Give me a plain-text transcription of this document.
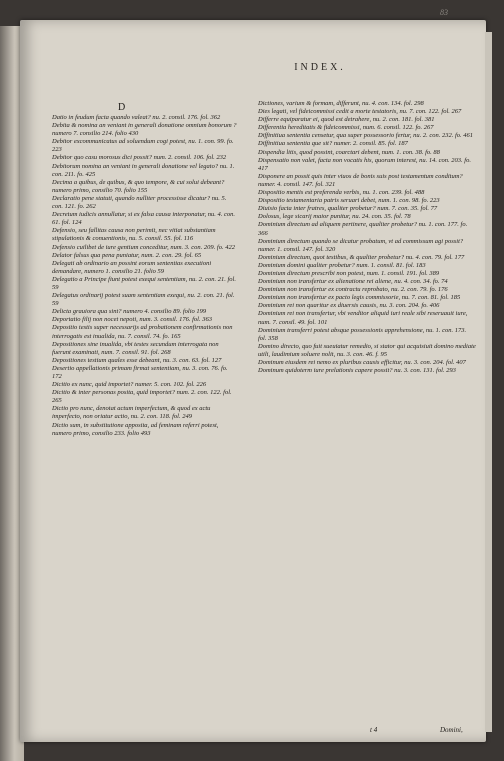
83
INDEX.
D

Datio in feudum facta quando valeat? nu. 2. consil. 176. fol. 362

Debita & nomina an veniant in generali donatione omnium bonorum ? numero 7. consilio 214. folio 430

Debitor excommunicatus ad soluendum cogi potest, nu. 1. con. 99. fo. 223

Debitor quo casu morosus dici possit? num. 2. consil. 106. fol. 232

Debitorum nomina an veniant in generali donatione vel legato? nu. 1. con. 211. fo. 425

Decima a quibus, de quibus, & quo tempore, & cui solui debeant? numero primo, consilio 70. folio 155

Declaratio pene statuti, quando nulliter processisse dicatur? nu. 5. con. 121. fo. 262

Decretum iudicis annullatur, si ex falsa causa interponatur, nu. 4. con. 61. fol. 124

Defensio, seu fallitas causa non perimit, nec vitiat substantiam stipulationis & conuentionis, nu. 5. consil. 55. fol. 116

Defensio cuilibet de iure gentium conceditur, num. 3. con. 209. fo. 422

Delator falsus qua pena puniatur, num. 2. con. 29. fol. 65

Delegati ab ordinario an possint eorum sententias executioni demandare, numero 1. consilio 21. folio 59

Delegatio a Principe fiunt potest exequi sententiam, nu. 2. con. 21. fol. 59

Delegatus ordinarij potest suam sententiam exequi, nu. 2. con. 21. fol. 59

Delicta grauiora qua sint? numero 4. consilio 89. folio 199

Deportatio filij non nocet nepoti, num. 3. consil. 176. fol. 363

Depositio testis super necessarijs ad probationem confirmationis non interrogatis est inualida, nu. 7. consil. 74. fo. 165

Depositiones sine inualida, vbi testes secundum interrogata non fuerunt examinati, num. 7. consil. 91. fol. 268

Depositiones testium quales esse debeant, nu. 3. con. 63. fol. 127

Desertio appellationis primam firmat sententiam, nu. 3. con. 76. fo. 172

Dicitio ex nunc, quid importet? numer. 5. con. 102. fol. 226

Dicitio & inter personas posita, quid importet? num. 2. con. 122. fol. 265

Dictio pro nunc, denotat actum imperfectum, & quod ex actu imperfecto, non oriatur actio, nu. 2. con. 118. fol. 249

Dictio sum, in substitutione apposita, ad feminam referri potest, numero primo, consilio 233. folio 493

Dictiones, varium & formam, differunt, nu. 4. con. 134. fol. 298

Dies legati, vel fideicommissi cedit a morte testatoris, nu. 7. con. 122. fol. 267

Differre equiparatur ei, quod est detrahere, nu. 2. con. 181. fol. 381

Differentia hereditatis & fideicommissi, num. 6. consil. 122. fo. 267

Diffinitiua sententia censetur, qua super possessorio fertur, nu. 2. con. 232. fo. 461

Diffinitiua sententia que sit? numer. 2. consil. 85. fol. 187

Dispendia litis, quod possint, coarctari debent, num. 1. con. 38. fo. 88

Dispensatio non valet, facta non vocatis his, quorum interest, nu. 14. con. 203. fo. 417

Disponere an possit quis inter viuos de bonis suis post testamentum conditum? numer. 4. consil. 147. fol. 321

Dispositio mentis est preferenda verbis, nu. 1. con. 239. fol. 488

Dispositio testamentaria patris seruari debet, num. 1. con. 98. fo. 223

Diuisio facta inter fratres, qualiter probetur? num. 7. con. 35. fol. 77

Dolosus, lege sicarij maior punitur, nu. 24. con. 35. fol. 78

Dominium directum ad aliquem pertinere, qualiter probetur? nu. 1. con. 177. fo. 366

Dominium directum quando se dicatur probatum, vt ad commissum agi possit? numer. 1. consil. 147. fol. 320

Dominium directum, quot testibus, & qualiter probetur? nu. 4. con. 79. fol. 177

Dominium domini qualiter probetur? num. 1. consil. 81. fol. 183

Dominium directum prescribi non potest, num. 1. consil. 191. fol. 389

Dominium non transfertur ex alienatione rei aliene, nu. 4. con. 34. fo. 74

Dominium non transfertur ex contractu reprobato, nu. 2. con. 79. fo. 176

Dominium non transfertur ex pacto legis commissorie, nu. 7. con. 81. fol. 185

Dominium rei non quaritur ex diuersis causis, nu. 3. con. 204. fo. 406

Dominium rei non transfertur, vbi venditor aliquid iuri reale sibi reseruauit iure, num. 7. consil. 49. fol. 101

Dominium transferri potest absque possessionis apprehensione, nu. 1. con. 173. fol. 358

Domino directo, quo fuit sueuiatur remedio, si stator qui acquisiuit domino mediate utili, laudimium soluere nolit, nu. 3. con. 46. f. 95

Dominum eiusdem rei nemo ex pluribus causis efficitur, nu. 3. con. 204. fol. 407

Dominum quidoterm iure prelationis capere possit? nu. 3. con. 131. fol. 293

t 4	Domini,
